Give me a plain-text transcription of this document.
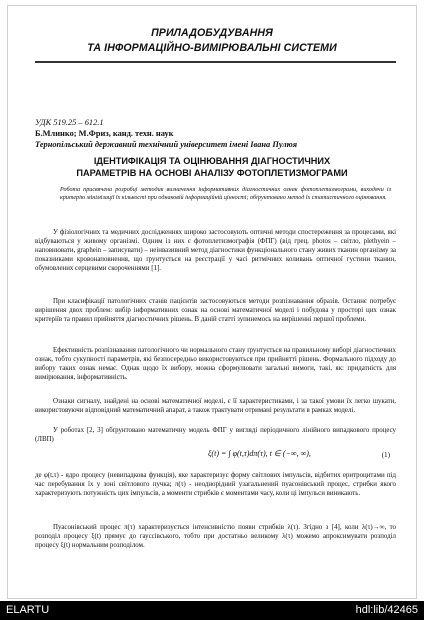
ПРИЛАДОБУДУВАННЯ
ТА ІНФОРМАЦІЙНО-ВИМІРЮВАЛЬНІ СИСТЕМИ
УДК 519.25 – 612.1
Б.Млинко; М.Фриз, канд. техн. наук
Тернопільський державний технічний університет імені Івана Пулюя
ІДЕНТИФІКАЦІЯ ТА ОЦІНЮВАННЯ ДІАГНОСТИЧНИХ
ПАРАМЕТРІВ НА ОСНОВІ АНАЛІЗУ ФОТОПЛЕТИЗМОГРАМИ
Робота присвячена розробці методик визначення інформативних діагностичних ознак фотоплетизмограми, виходячи із критерію мінімізації їх кількості при однаковій інформаційній цінності; обґрунтовано метод їх статистичного оцінювання.
У фізіологічних та медичних дослідженнях широко застосовують оптичні методи спостереження за процесами, які відбуваються у живому організмі. Одним із них є фотоплетизмографія (ФПГ) (від грец. photos – світло, plethyein – наповнювати, graphein – записувати) – неінвазивний метод діагностики функціонального стану живих тканин організму за показниками кровонаповнення, що ґрунтується на реєстрації у часі ритмічних коливань оптичної густини тканин, обумовлених серцевими скороченнями [1].
При класифікації патологічних станів пацієнтів застосовуються методи розпізнавання образів. Останнє потребує вирішення двох проблем: вибір інформативних ознак на основі математичної моделі і побудова у просторі цих ознак критеріїв та правил прийняття діагностичних рішень. В даній статті зупинемось на вирішенні першої проблеми.
Ефективність розпізнавання патологічного чи нормального стану ґрунтується на правильному виборі діагностичних ознак, тобто сукупності параметрів, які безпосередньо використовуються при прийнятті рішень. Формального підходу до вибору таких ознак немає. Однак щодо їх вибору, можна сформулювати загальні вимоги, такі, як: придатність для вимірювання, інформативність.
Ознаки сигналу, знайдені на основі математичної моделі, є її характеристиками, і за такої умови їх легко шукати, використовуючи відповідний математичний апарат, а також трактувати отримані результати в рамках моделі.
У роботах [2, 3] обґрунтовано математичну модель ФПГ у вигляді періодичного лінійного випадкового процесу (ЛВП)
ξ(t) = ∫ φ(t,τ)dπ(τ), t ∈ (−∞, ∞),	(1)
де φ(t,τ) - ядро процесу (невипадкова функція), яке характеризує форму світлових імпульсів, відбитих еритроцитами під час перебування їх у зоні світлового пучка; π(τ) - неоднорідний узагальнений пуасонівський процес, стрибки якого характеризують потужність цих імпульсів, а моменти стрибків є моментами часу, коли ці імпульси виникають.
Пуасонівський процес π(τ) характеризується інтенсивністю появи стрибків λ(τ). Згідно з [4], коли λ(τ)→∞, то розподіл процесу ξ(t) прямує до гауссівського, тобто при достатньо великому λ(τ) можемо апроксимувати розподіл процесу ξ(t) нормальним розподілом.
ELARTU	hdl:lib/42465
